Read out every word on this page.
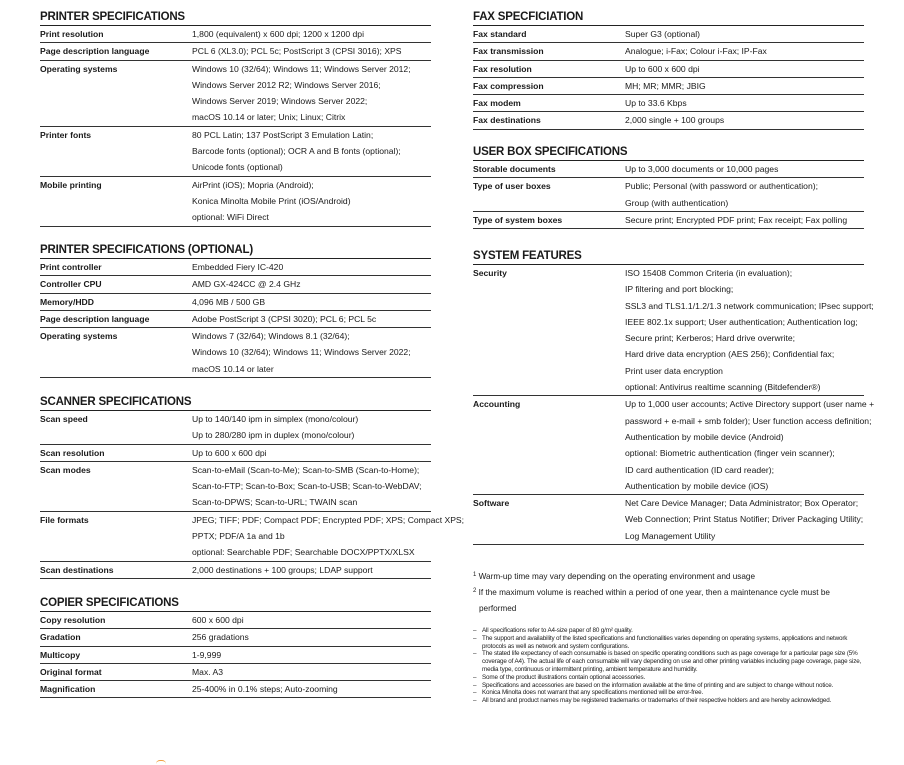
PRINTER SPECIFICATIONS
Print resolution	1,800 (equivalent) x 600 dpi; 1200 x 1200 dpi
Page description language	PCL 6 (XL3.0); PCL 5c; PostScript 3 (CPSI 3016); XPS
Operating systems	Windows 10 (32/64); Windows 11; Windows Server 2012;
Windows Server 2012 R2; Windows Server 2016;
Windows Server 2019; Windows Server 2022;
macOS 10.14 or later; Unix; Linux; Citrix
Printer fonts	80 PCL Latin; 137 PostScript 3 Emulation Latin;
Barcode fonts (optional); OCR A and B fonts (optional);
Unicode fonts (optional)
Mobile printing	AirPrint (iOS); Mopria (Android);
Konica Minolta Mobile Print (iOS/Android)
optional: WiFi Direct
PRINTER SPECIFICATIONS (OPTIONAL)
Print controller	Embedded Fiery IC-420
Controller CPU	AMD GX-424CC @ 2.4 GHz
Memory/HDD	4,096 MB / 500 GB
Page description language	Adobe PostScript 3 (CPSI 3020); PCL 6; PCL 5c
Operating systems	Windows 7 (32/64); Windows 8.1 (32/64);
Windows 10 (32/64); Windows 11; Windows Server 2022;
macOS 10.14 or later
SCANNER SPECIFICATIONS
Scan speed	Up to 140/140 ipm in simplex (mono/colour)
Up to 280/280 ipm in duplex (mono/colour)
Scan resolution	Up to 600 x 600 dpi
Scan modes	Scan-to-eMail (Scan-to-Me); Scan-to-SMB (Scan-to-Home);
Scan-to-FTP; Scan-to-Box; Scan-to-USB; Scan-to-WebDAV;
Scan-to-DPWS; Scan-to-URL; TWAIN scan
File formats	JPEG; TIFF; PDF; Compact PDF; Encrypted PDF; XPS; Compact XPS;
PPTX; PDF/A 1a and 1b
optional: Searchable PDF; Searchable DOCX/PPTX/XLSX
Scan destinations	2,000 destinations + 100 groups; LDAP support
COPIER SPECIFICATIONS
Copy resolution	600 x 600 dpi
Gradation	256 gradations
Multicopy	1-9,999
Original format	Max. A3
Magnification	25-400% in 0.1% steps; Auto-zooming
FAX SPECFICIATION
Fax standard	Super G3 (optional)
Fax transmission	Analogue; i-Fax; Colour i-Fax; IP-Fax
Fax resolution	Up to 600 x 600 dpi
Fax compression	MH; MR; MMR; JBIG
Fax modem	Up to 33.6 Kbps
Fax destinations	2,000 single + 100 groups
USER BOX SPECIFICATIONS
Storable documents	Up to 3,000 documents or 10,000 pages
Type of user boxes	Public; Personal (with password or authentication);
Group (with authentication)
Type of system boxes	Secure print; Encrypted PDF print; Fax receipt; Fax polling
SYSTEM FEATURES
Security	ISO 15408 Common Criteria (in evaluation);
IP filtering and port blocking;
SSL3 and TLS1.1/1.2/1.3 network communication; IPsec support;
IEEE 802.1x support; User authentication; Authentication log;
Secure print; Kerberos; Hard drive overwrite;
Hard drive data encryption (AES 256); Confidential fax;
Print user data encryption
optional: Antivirus realtime scanning (Bitdefender®)
Accounting	Up to 1,000 user accounts; Active Directory support (user name +
password + e-mail + smb folder); User function access definition;
Authentication by mobile device (Android)
optional: Biometric authentication (finger vein scanner);
ID card authentication (ID card reader);
Authentication by mobile device (iOS)
Software	Net Care Device Manager; Data Administrator; Box Operator;
Web Connection; Print Status Notifier; Driver Packaging Utility;
Log Management Utility
$^1$ Warm-up time may vary depending on the operating environment and usage
$^2$ If the maximum volume is reached within a period of one year, then a maintenance cycle must be
performed

– All specifications refer to A4-size paper of 80 g/m² quality.

– The support and availability of the listed specifications and functionalities varies depending on operating systems, applications and network protocols as well as network and system configurations.

– The stated life expectancy of each consumable is based on specific operating conditions such as page coverage for a particular page size (5% coverage of A4). The actual life of each consumable will vary depending on use and other printing variables including page coverage, page size, media type, continuous or intermittent printing, ambient temperature and humidity.

– Some of the product illustrations contain optional accessories.

– Specifications and accessories are based on the information available at the time of printing and are subject to change without notice.

– Konica Minolta does not warrant that any specifications mentioned will be error-free.

– All brand and product names may be registered trademarks or trademarks of their respective holders and are hereby acknowledged.
